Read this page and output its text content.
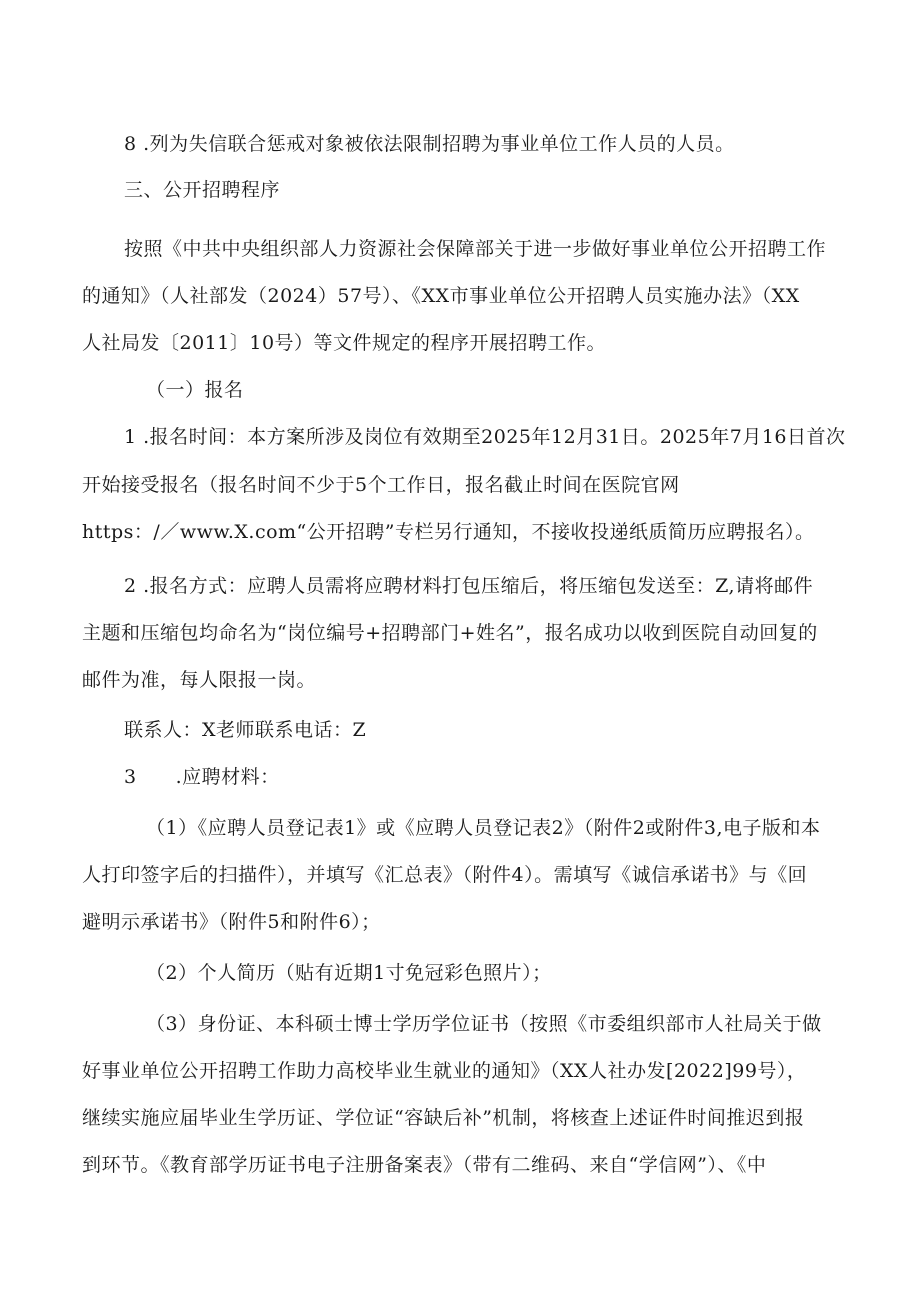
8 .列为失信联合惩戒对象被依法限制招聘为事业单位工作人员的人员。
三、公开招聘程序
按照《中共中央组织部人力资源社会保障部关于进一步做好事业单位公开招聘工作
的通知》（人社部发（2024）57号）、《XX市事业单位公开招聘人员实施办法》（XX
人社局发〔2011〕10号）等文件规定的程序开展招聘工作。
（一）报名
1 .报名时间：本方案所涉及岗位有效期至2025年12月31日。2025年7月16日首次
开始接受报名（报名时间不少于5个工作日，报名截止时间在医院官网
https：/／www.X.com“公开招聘”专栏另行通知，不接收投递纸质简历应聘报名）。
2 .报名方式：应聘人员需将应聘材料打包压缩后，将压缩包发送至：Z,请将邮件
主题和压缩包均命名为“岗位编号+招聘部门+姓名”，报名成功以收到医院自动回复的
邮件为准，每人限报一岗。
联系人：X老师联系电话：Z
3　　.应聘材料：
（1）《应聘人员登记表1》或《应聘人员登记表2》（附件2或附件3,电子版和本
人打印签字后的扫描件），并填写《汇总表》（附件4）。需填写《诚信承诺书》与《回
避明示承诺书》（附件5和附件6）；
（2）个人简历（贴有近期1寸免冠彩色照片）；
（3）身份证、本科硕士博士学历学位证书（按照《市委组织部市人社局关于做
好事业单位公开招聘工作助力高校毕业生就业的通知》（XX人社办发[2022]99号），
继续实施应届毕业生学历证、学位证“容缺后补”机制，将核查上述证件时间推迟到报
到环节。《教育部学历证书电子注册备案表》（带有二维码、来自“学信网”）、《中
